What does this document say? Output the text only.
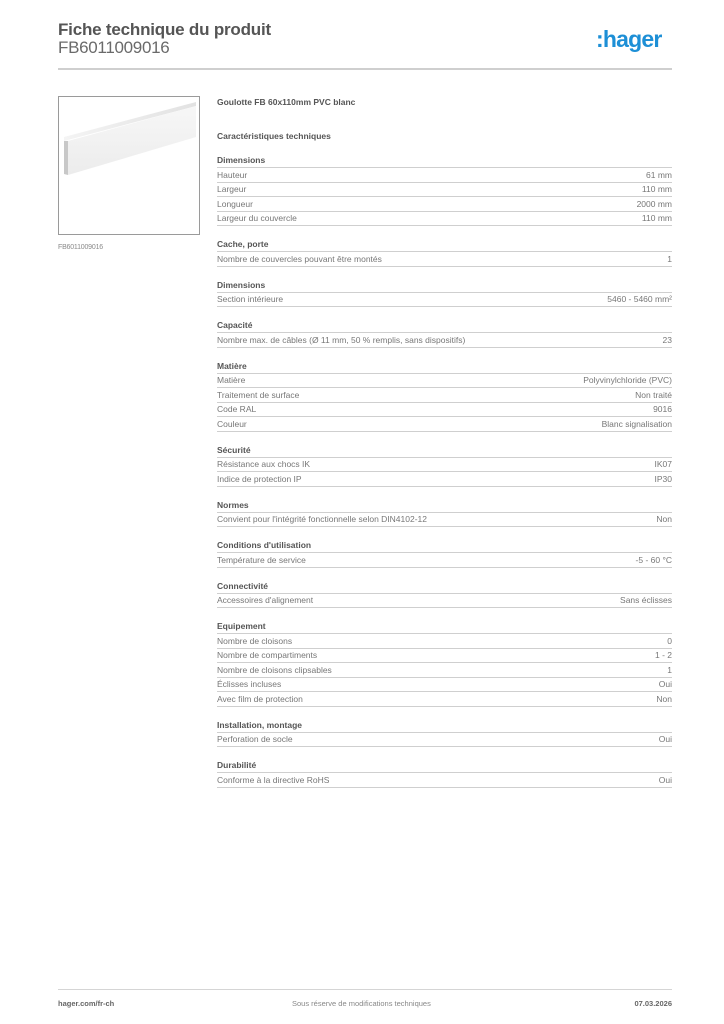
Fiche technique du produit
FB6011009016	:hager
FB6011009016
Goulotte FB 60x110mm PVC blanc
Caractéristiques techniques
Dimensions
Hauteur	61 mm
Largeur	110 mm
Longueur	2000 mm
Largeur du couvercle	110 mm
Cache, porte
Nombre de couvercles pouvant être montés	1
Dimensions
Section intérieure	5460 - 5460 mm²
Capacité
Nombre max. de câbles (Ø 11 mm, 50 % remplis, sans dispositifs)	23
Matière
Matière	Polyvinylchloride (PVC)
Traitement de surface	Non traité
Code RAL	9016
Couleur	Blanc signalisation
Sécurité
Résistance aux chocs IK	IK07
Indice de protection IP	IP30
Normes
Convient pour l'intégrité fonctionnelle selon DIN4102-12	Non
Conditions d'utilisation
Température de service	-5 - 60 °C
Connectivité
Accessoires d'alignement	Sans éclisses
Equipement
Nombre de cloisons	0
Nombre de compartiments	1 - 2
Nombre de cloisons clipsables	1
Éclisses incluses	Oui
Avec film de protection	Non
Installation, montage
Perforation de socle	Oui
Durabilité
Conforme à la directive RoHS	Oui
hager.com/fr-ch	Sous réserve de modifications techniques	07.03.2026
